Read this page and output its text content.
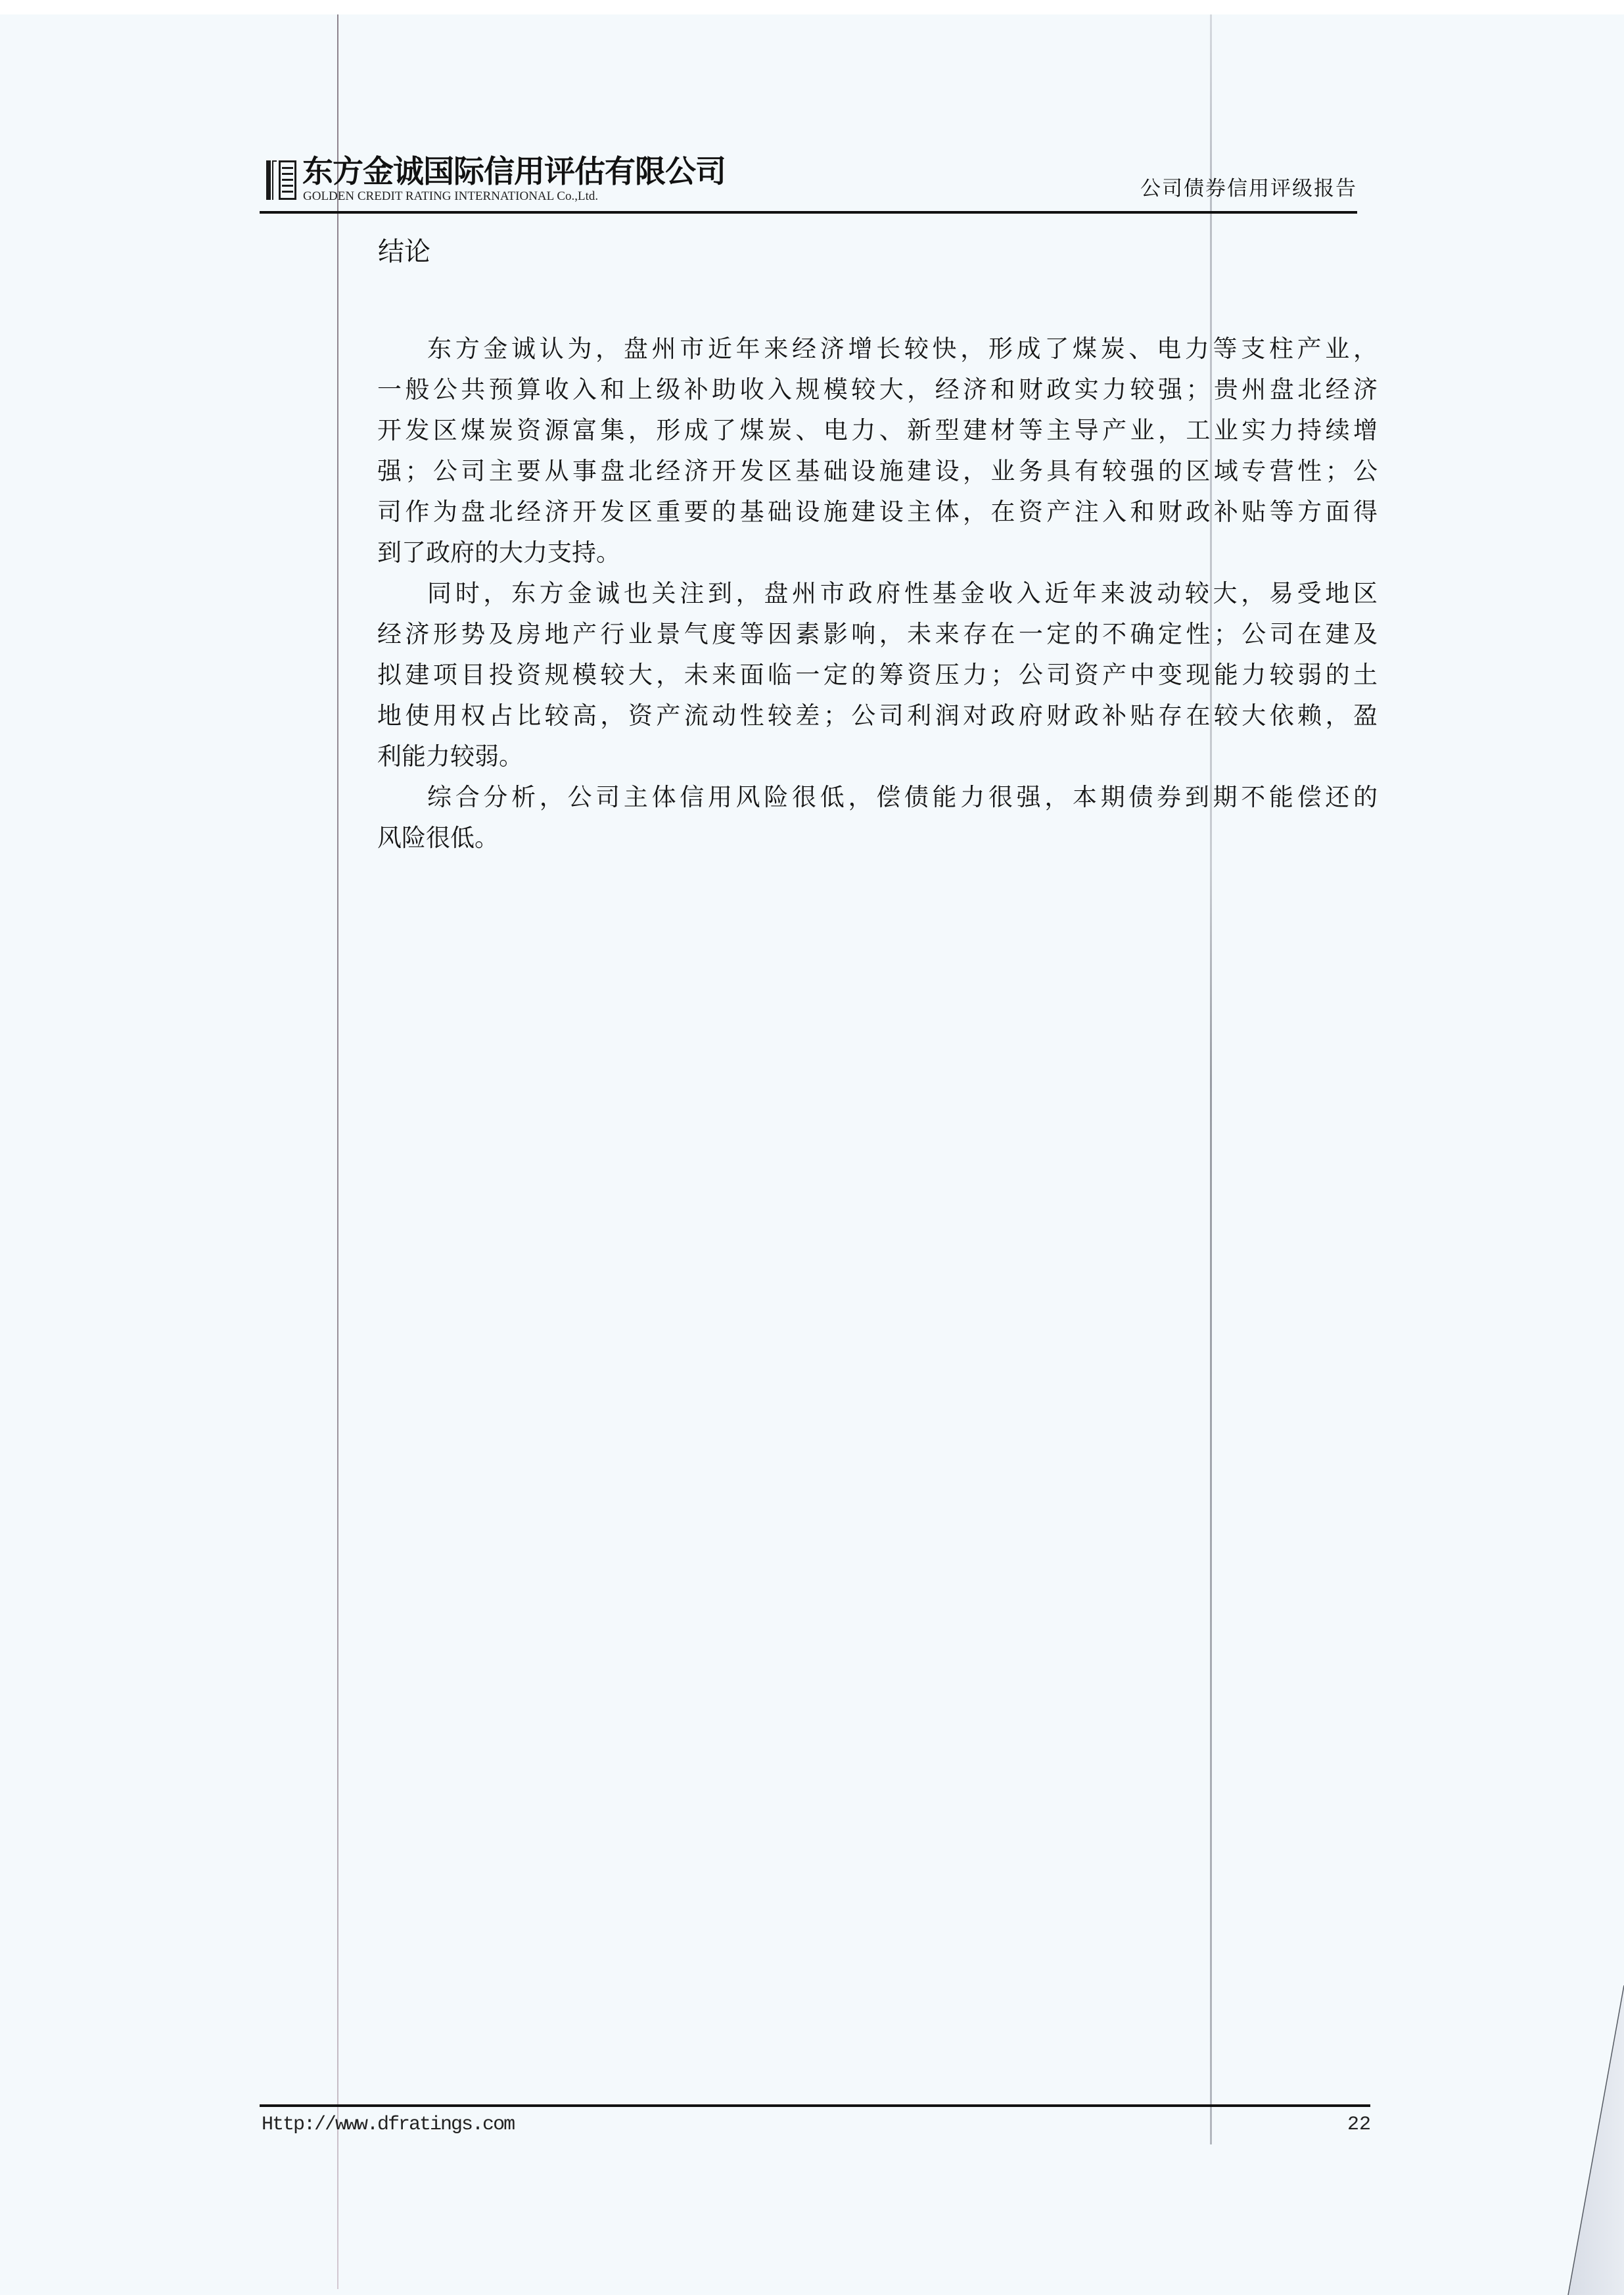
东方金诚国际信用评估有限公司
GOLDEN CREDIT RATING INTERNATIONAL Co.,Ltd.	公司债券信用评级报告
结论
东方金诚认为，盘州市近年来经济增长较快，形成了煤炭、电力等支柱产业，
一般公共预算收入和上级补助收入规模较大，经济和财政实力较强；贵州盘北经济
开发区煤炭资源富集，形成了煤炭、电力、新型建材等主导产业，工业实力持续增
强；公司主要从事盘北经济开发区基础设施建设，业务具有较强的区域专营性；公
司作为盘北经济开发区重要的基础设施建设主体，在资产注入和财政补贴等方面得
到了政府的大力支持。
同时，东方金诚也关注到，盘州市政府性基金收入近年来波动较大，易受地区
经济形势及房地产行业景气度等因素影响，未来存在一定的不确定性；公司在建及
拟建项目投资规模较大，未来面临一定的筹资压力；公司资产中变现能力较弱的土
地使用权占比较高，资产流动性较差；公司利润对政府财政补贴存在较大依赖，盈
利能力较弱。
综合分析，公司主体信用风险很低，偿债能力很强，本期债券到期不能偿还的
风险很低。
Http://www.dfratings.com	22
